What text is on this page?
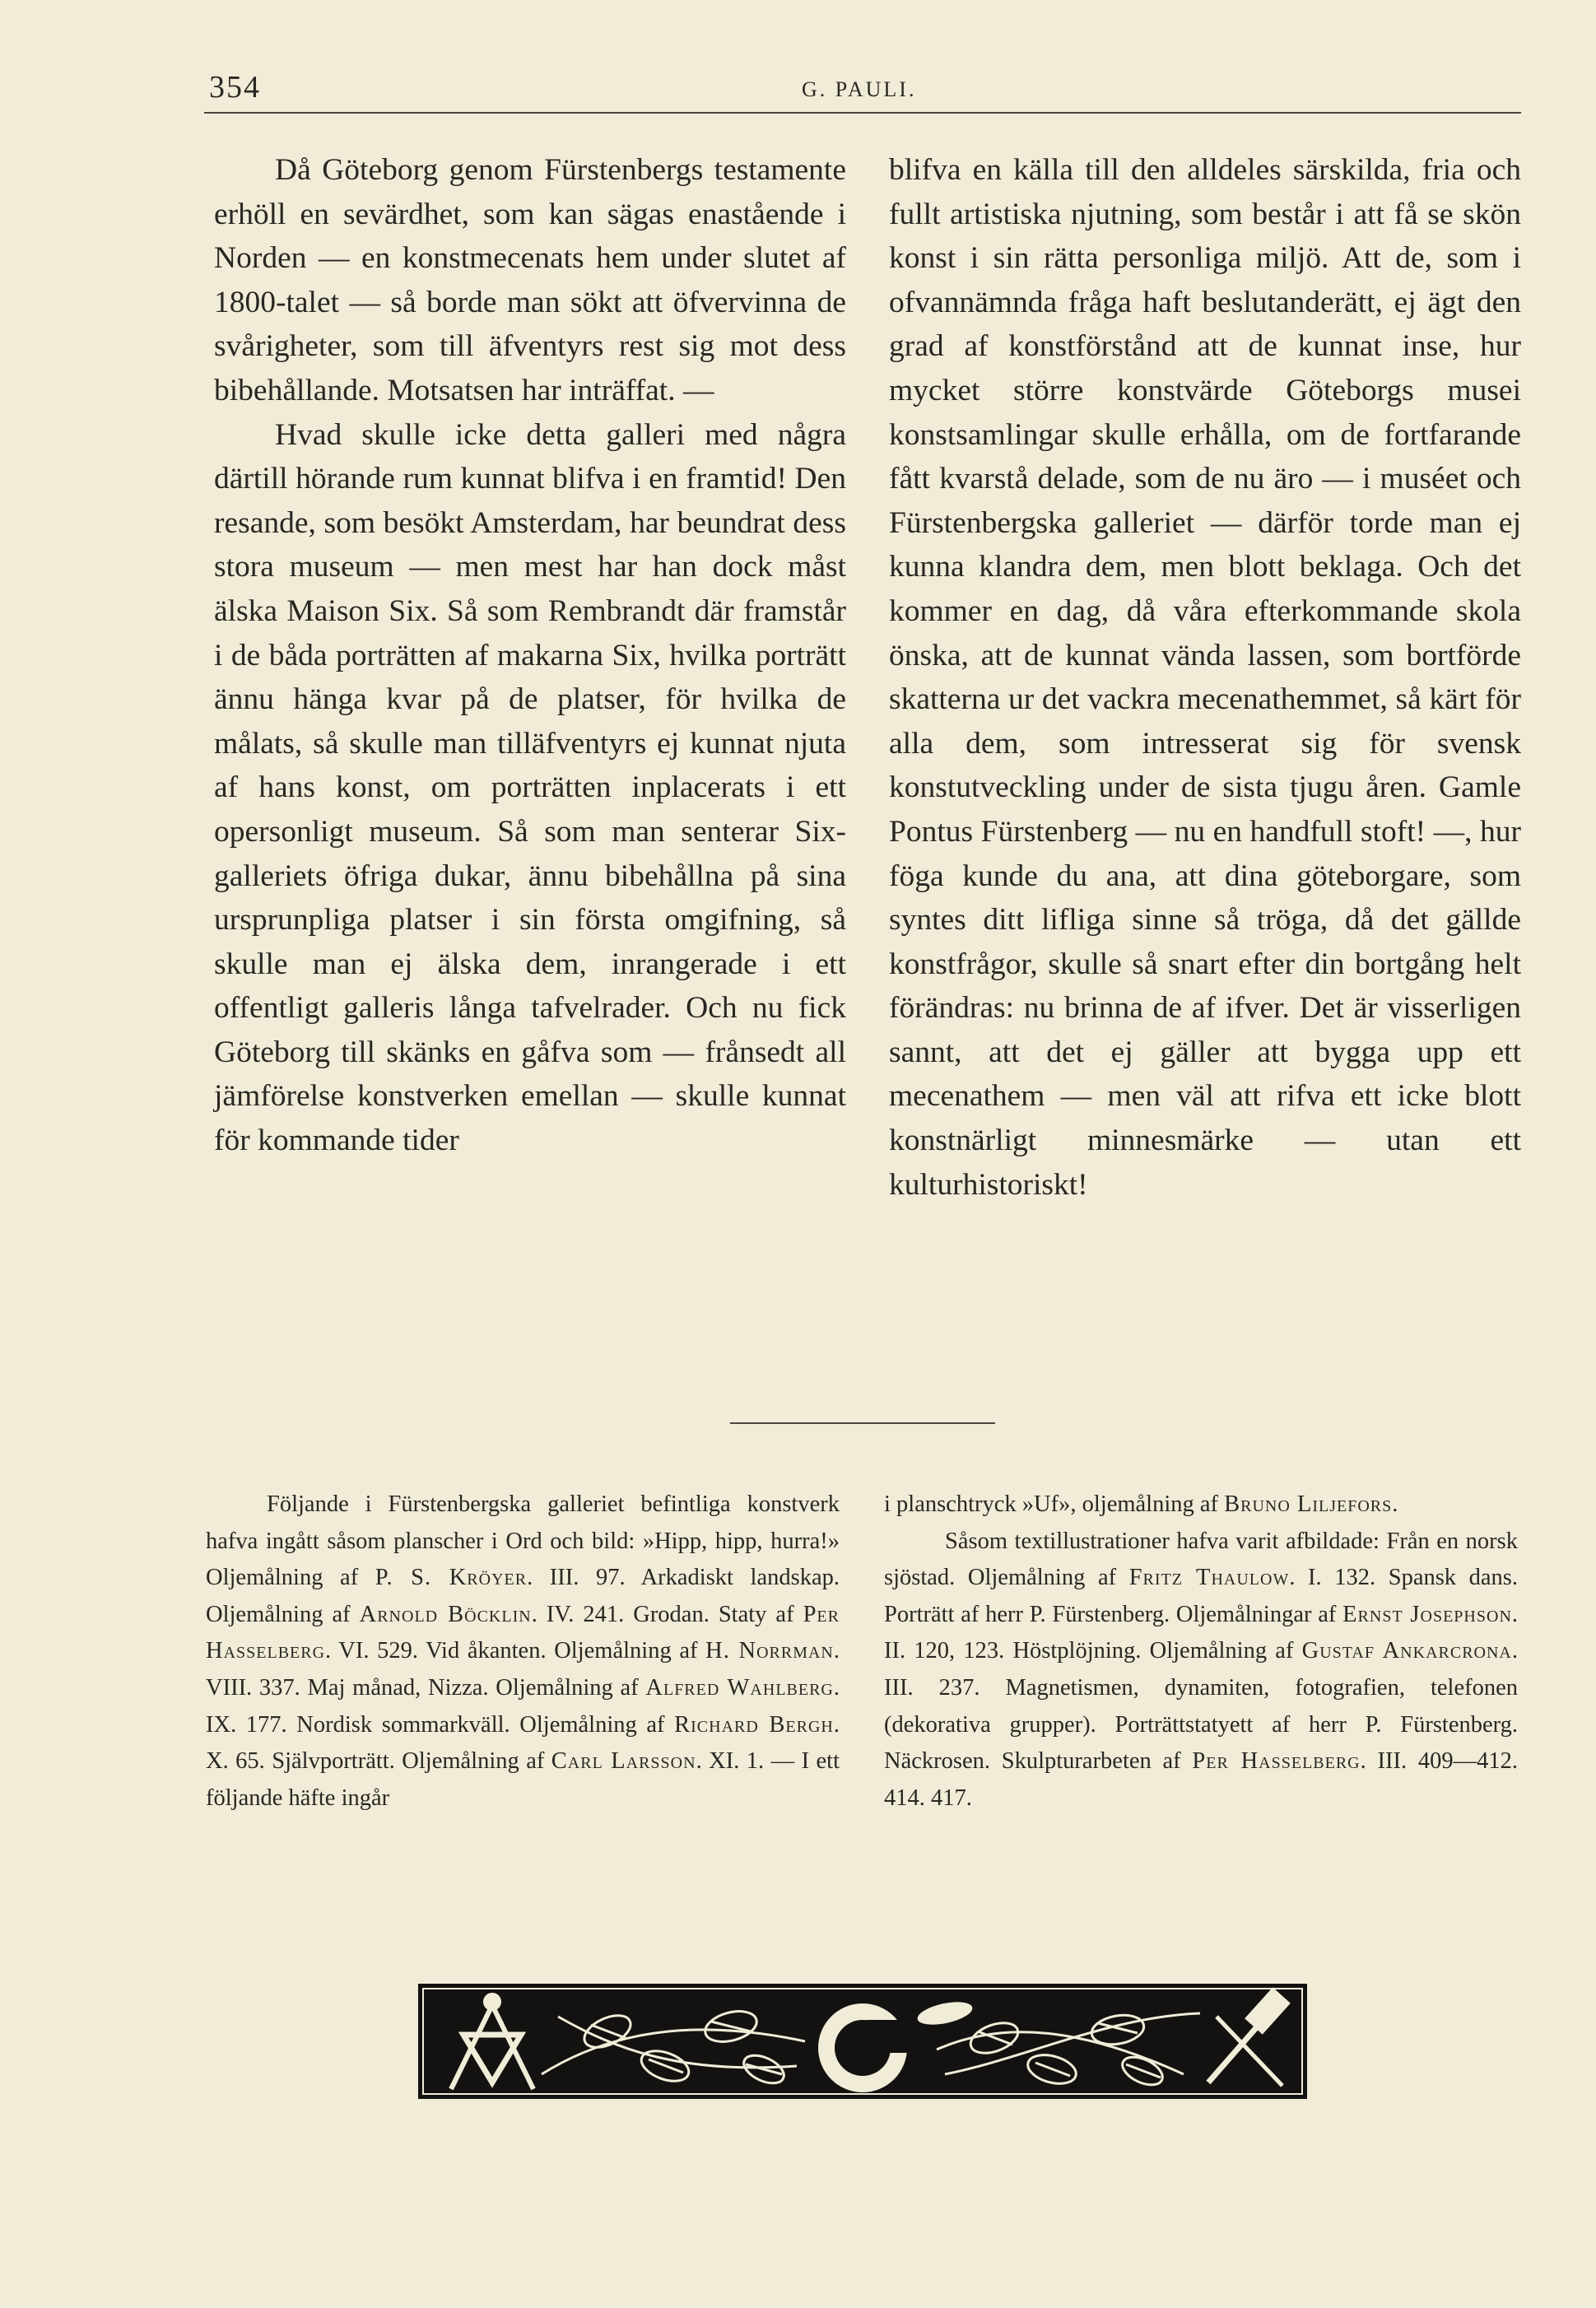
354	G. PAULI.

Då Göteborg genom Fürstenbergs testamente erhöll en sevärdhet, som kan sägas enastående i Norden — en konstmecenats hem under slutet af 1800-talet — så borde man sökt att öfvervinna de svårigheter, som till äfventyrs rest sig mot dess bibehållande. Motsatsen har inträffat. —

Hvad skulle icke detta galleri med några därtill hörande rum kunnat blifva i en framtid! Den resande, som besökt Amsterdam, har beundrat dess stora museum — men mest har han dock måst älska Maison Six. Så som Rembrandt där framstår i de båda porträtten af makarna Six, hvilka porträtt ännu hänga kvar på de platser, för hvilka de målats, så skulle man tilläfventyrs ej kunnat njuta af hans konst, om porträtten inplacerats i ett opersonligt museum. Så som man senterar Six-galleriets öfriga dukar, ännu bibehållna på sina ursprunpliga platser i sin första omgifning, så skulle man ej älska dem, inrangerade i ett offentligt galleris långa tafvelrader. Och nu fick Göteborg till skänks en gåfva som — frånsedt all jämförelse konstverken emellan — skulle kunnat för kommande tider

blifva en källa till den alldeles särskilda, fria och fullt artistiska njutning, som består i att få se skön konst i sin rätta personliga miljö. Att de, som i ofvannämnda fråga haft beslutanderätt, ej ägt den grad af konstförstånd att de kunnat inse, hur mycket större konstvärde Göteborgs musei konstsamlingar skulle erhålla, om de fortfarande fått kvarstå delade, som de nu äro — i muséet och Fürstenbergska galleriet — därför torde man ej kunna klandra dem, men blott beklaga. Och det kommer en dag, då våra efterkommande skola önska, att de kunnat vända lassen, som bortförde skatterna ur det vackra mecenathemmet, så kärt för alla dem, som intresserat sig för svensk konstutveckling under de sista tjugu åren. Gamle Pontus Fürstenberg — nu en handfull stoft! —, hur föga kunde du ana, att dina göteborgare, som syntes ditt lifliga sinne så tröga, då det gällde konstfrågor, skulle så snart efter din bortgång helt förändras: nu brinna de af ifver. Det är visserligen sannt, att det ej gäller att bygga upp ett mecenathem — men väl att rifva ett icke blott konstnärligt minnesmärke — utan ett kulturhistoriskt!

Följande i Fürstenbergska galleriet befintliga konstverk hafva ingått såsom planscher i Ord och bild: »Hipp, hipp, hurra!» Oljemålning af P. S. Kröyer. III. 97. Arkadiskt landskap. Oljemålning af Arnold Böcklin. IV. 241. Grodan. Staty af Per Hasselberg. VI. 529. Vid åkanten. Oljemålning af H. Norrman. VIII. 337. Maj månad, Nizza. Oljemålning af Alfred Wahlberg. IX. 177. Nordisk sommarkväll. Oljemålning af Richard Bergh. X. 65. Självporträtt. Oljemålning af Carl Larsson. XI. 1. — I ett följande häfte ingår

i planschtryck »Uf», oljemålning af Bruno Liljefors.

Såsom textillustrationer hafva varit afbildade: Från en norsk sjöstad. Oljemålning af Fritz Thaulow. I. 132. Spansk dans. Porträtt af herr P. Fürstenberg. Oljemålningar af Ernst Josephson. II. 120, 123. Höstplöjning. Oljemålning af Gustaf Ankarcrona. III. 237. Magnetismen, dynamiten, fotografien, telefonen (dekorativa grupper). Porträttstatyett af herr P. Fürstenberg. Näckrosen. Skulpturarbeten af Per Hasselberg. III. 409—412. 414. 417.
